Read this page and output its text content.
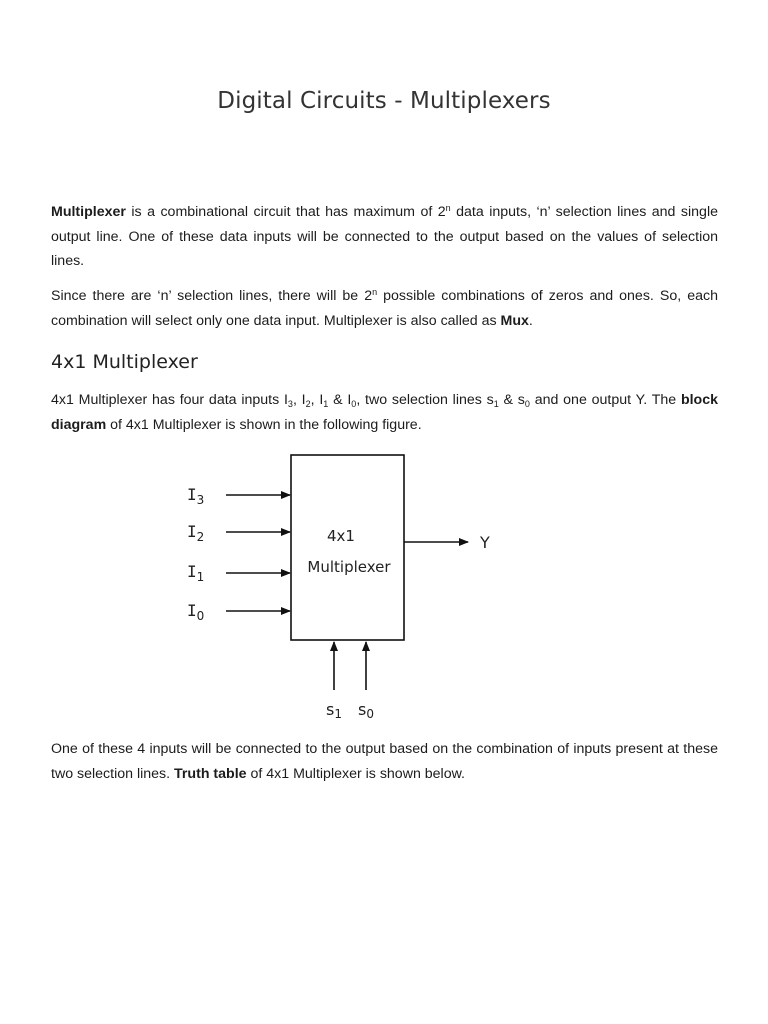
Digital Circuits - Multiplexers

Multiplexer is a combinational circuit that has maximum of 2$^n$ data inputs, ‘n’ selection lines and single output line. One of these data inputs will be connected to the output based on the values of selection lines.

Since there are ‘n’ selection lines, there will be 2$^n$ possible combinations of zeros and ones. So, each combination will select only one data input. Multiplexer is also called as Mux.

4x1 Multiplexer

4x1 Multiplexer has four data inputs $I_3$, $I_2$, $I_1$ & $I_0$, two selection lines $s_1$ & $s_0$ and one output Y. The block diagram of 4x1 Multiplexer is shown in the following figure.

4x1
Multiplexer
$I_3$
$I_2$
$I_1$
$I_0$
Y
s1 s0

One of these 4 inputs will be connected to the output based on the combination of inputs present at these two selection lines. Truth table of 4x1 Multiplexer is shown below.
